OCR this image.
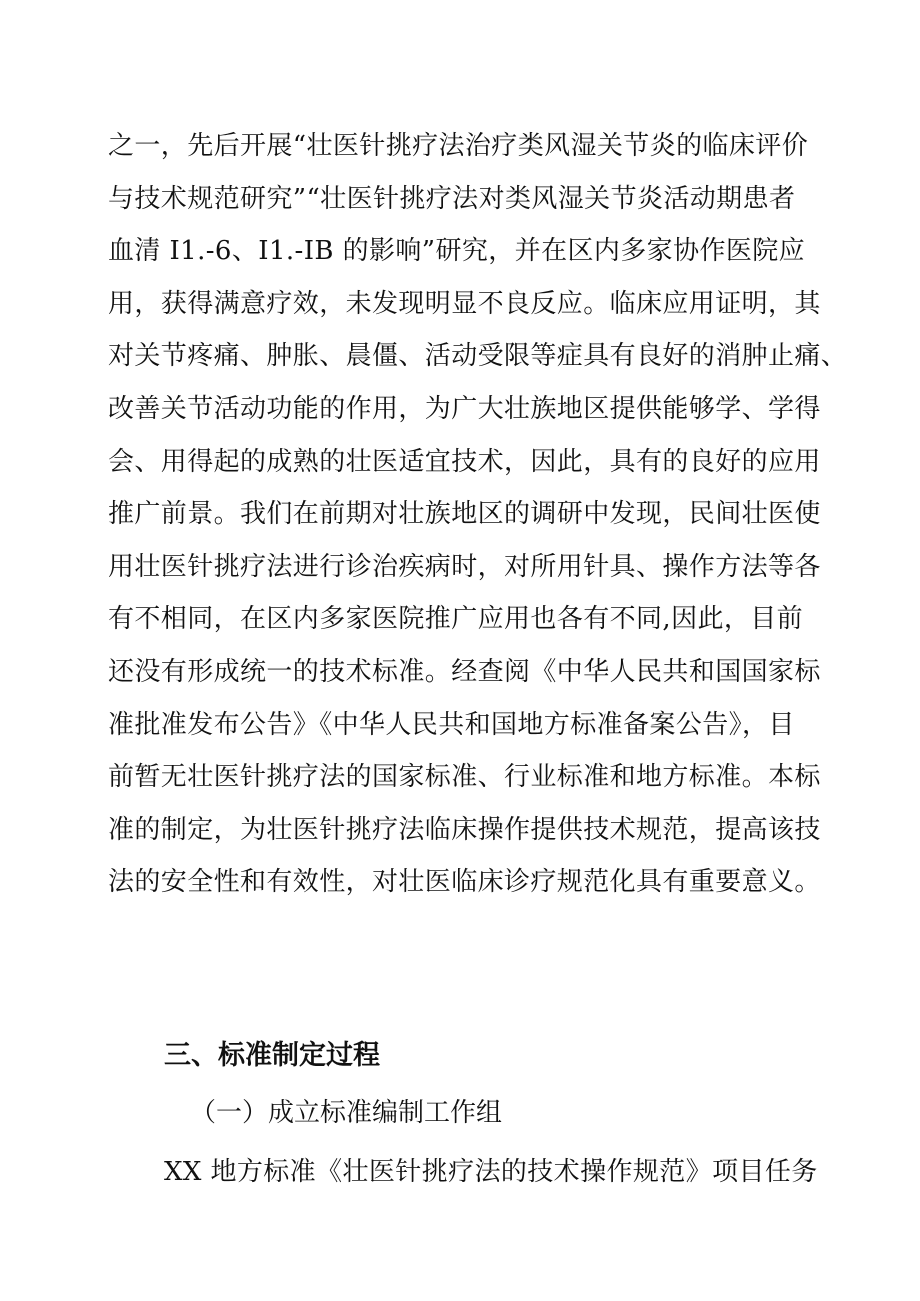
之一，先后开展“壮医针挑疗法治疗类风湿关节炎的临床评价
与技术规范研究”“壮医针挑疗法对类风湿关节炎活动期患者
血清 I1.-6、I1.-IB 的影响”研究，并在区内多家协作医院应
用，获得满意疗效，未发现明显不良反应。临床应用证明，其
对关节疼痛、肿胀、晨僵、活动受限等症具有良好的消肿止痛、
改善关节活动功能的作用，为广大壮族地区提供能够学、学得
会、用得起的成熟的壮医适宜技术，因此，具有的良好的应用
推广前景。我们在前期对壮族地区的调研中发现，民间壮医使
用壮医针挑疗法进行诊治疾病时，对所用针具、操作方法等各
有不相同，在区内多家医院推广应用也各有不同,因此，目前
还没有形成统一的技术标准。经查阅《中华人民共和国国家标
准批准发布公告》《中华人民共和国地方标准备案公告》，目
前暂无壮医针挑疗法的国家标准、行业标准和地方标准。本标
准的制定，为壮医针挑疗法临床操作提供技术规范，提高该技
法的安全性和有效性，对壮医临床诊疗规范化具有重要意义。
三、标准制定过程

（一）成立标准编制工作组

XX 地方标准《壮医针挑疗法的技术操作规范》项目任务
